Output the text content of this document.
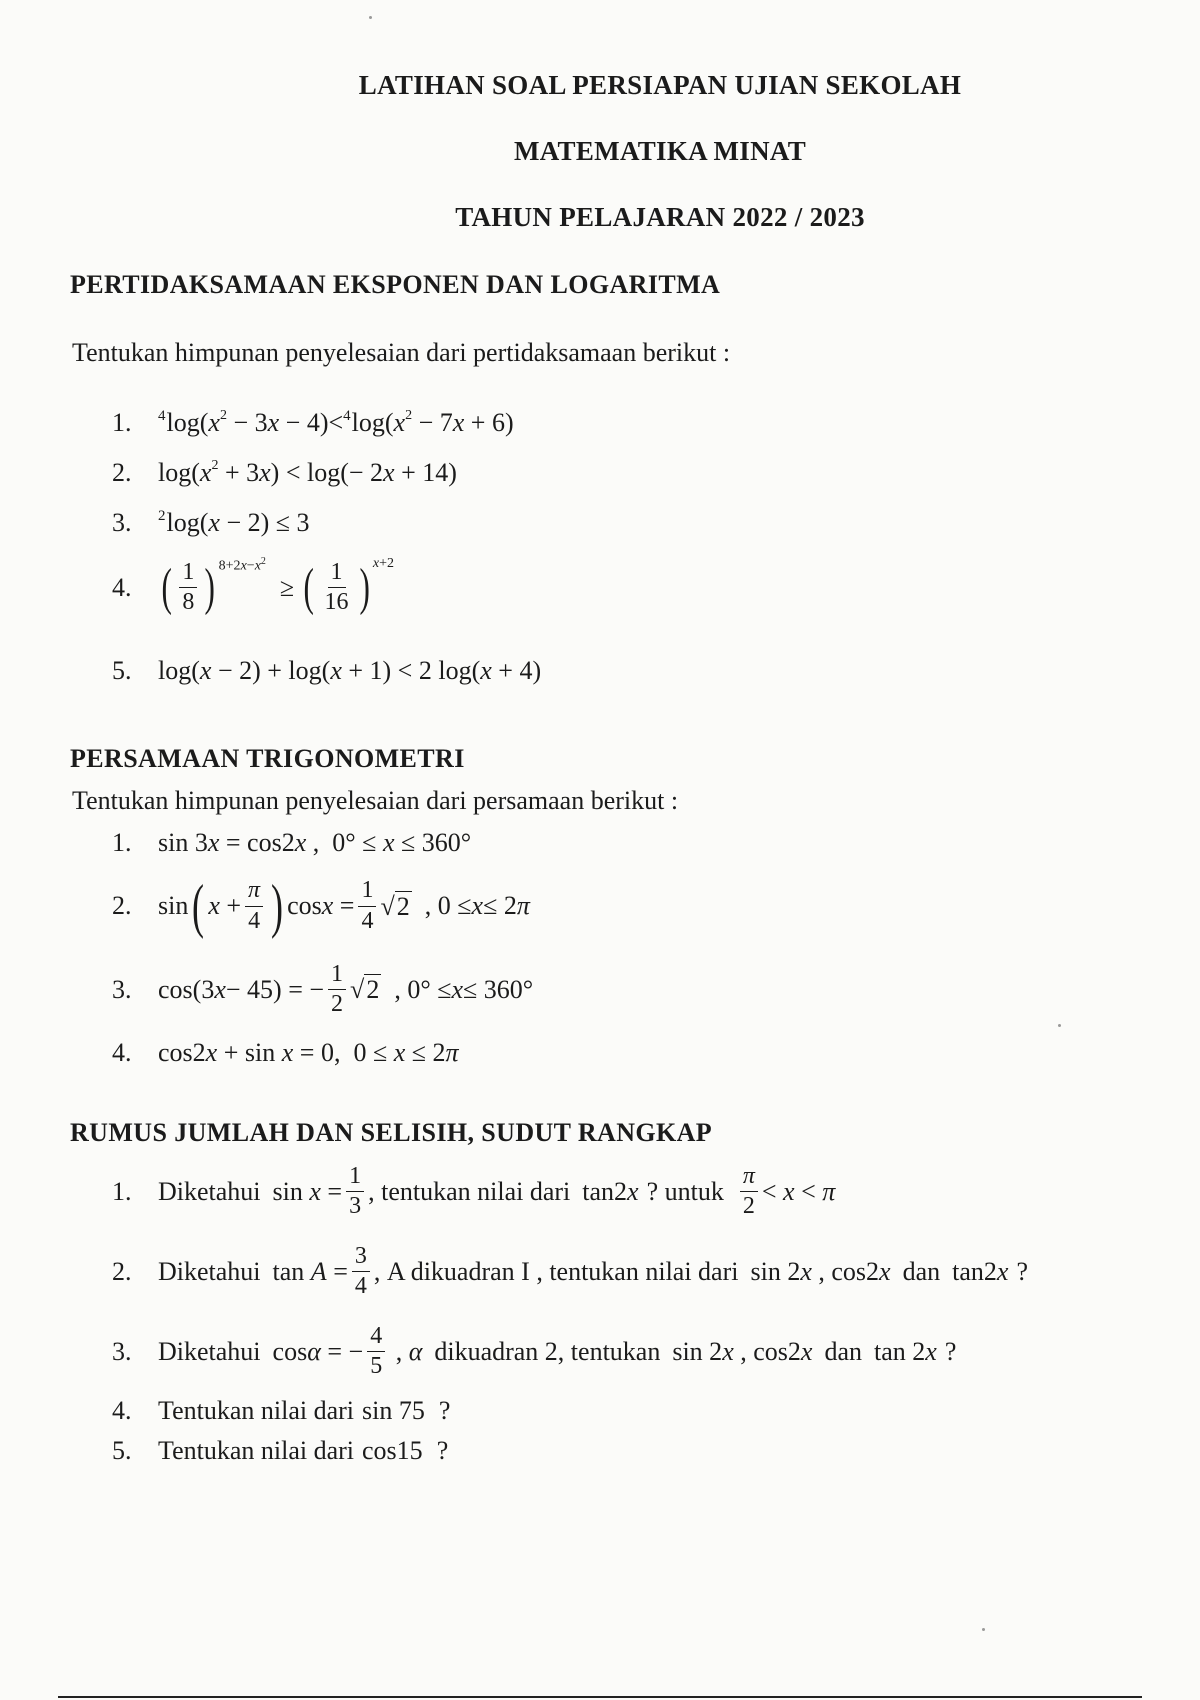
LATIHAN SOAL PERSIAPAN UJIAN SEKOLAH
MATEMATIKA MINAT
TAHUN PELAJARAN 2022 / 2023
PERTIDAKSAMAAN EKSPONEN DAN LOGARITMA
Tentukan himpunan penyelesaian dari pertidaksamaan berikut :
1.	$^4\log(x^2 - 3x - 4)<^4\log(x^2 - 7x + 6)$
2.	$\log(x^2 + 3x) < \log(- 2x + 14)$
3.	$^2$log(x − 2) ≤ 3
4. ( $\frac{1}{8}$ ) $8+2x-x^2$
≥ ( $\frac{1}{16}$ ) x+2
5.	log(x − 2) + log(x + 1) < 2 log(x + 4)
PERSAMAAN TRIGONOMETRI
Tentukan himpunan penyelesaian dari persamaan berikut :
1.	sin 3x = cos2x ,  0° ≤ x ≤ 360°
2.	sin ( $x + \frac{\pi}{4}$ ) $\cos x = \frac{1}{4}$ √ 2 , 0 ≤ x ≤ 2 π
3.	cos(3 x − 45) = − $\frac{1}{2}$ √ 2 , 0° ≤ x ≤ 360°
4.	cos2x + sin x = 0,  0 ≤ x ≤ 2π
RUMUS JUMLAH DAN SELISIH, SUDUT RANGKAP
1.	Diketahui $\sin x = \frac{1}{3}$ , tentukan nilai dari tan2x ? untuk $\frac{\pi}{2} < x < \pi$
2.	Diketahui $\tan A = \frac{3}{4}$ , A dikuadran I , tentukan nilai dari sin 2x , cos2x dan tan2x ?
3.	Diketahui cosα = − $\frac{4}{5}$ , α dikuadran 2, tentukan sin 2x , cos2x dan tan 2x ?
4.	Tentukan nilai dari sin 75 ?
5.	Tentukan nilai dari cos15 ?
